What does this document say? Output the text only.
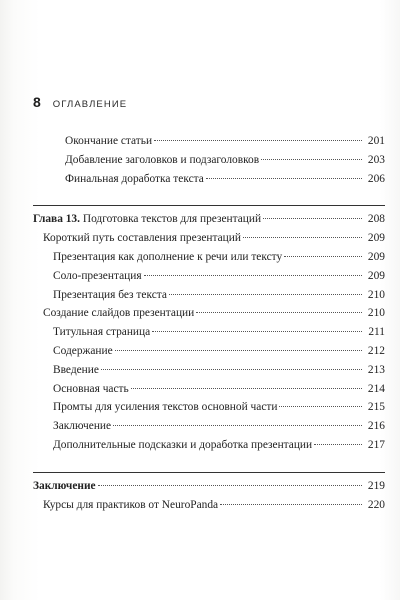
8 ОГЛАВЛЕНИЕ
Окончание статьи	201
Добавление заголовков и подзаголовков	203
Финальная доработка текста	206
Глава 13. Подготовка текстов для презентаций	208
Короткий путь составления презентаций	209
Презентация как дополнение к речи или тексту	209
Соло-презентация	209
Презентация без текста	210
Создание слайдов презентации	210
Титульная страница	211
Содержание	212
Введение	213
Основная часть	214
Промты для усиления текстов основной части	215
Заключение	216
Дополнительные подсказки и доработка презентации	217
Заключение	219
Курсы для практиков от NeuroPanda	220
